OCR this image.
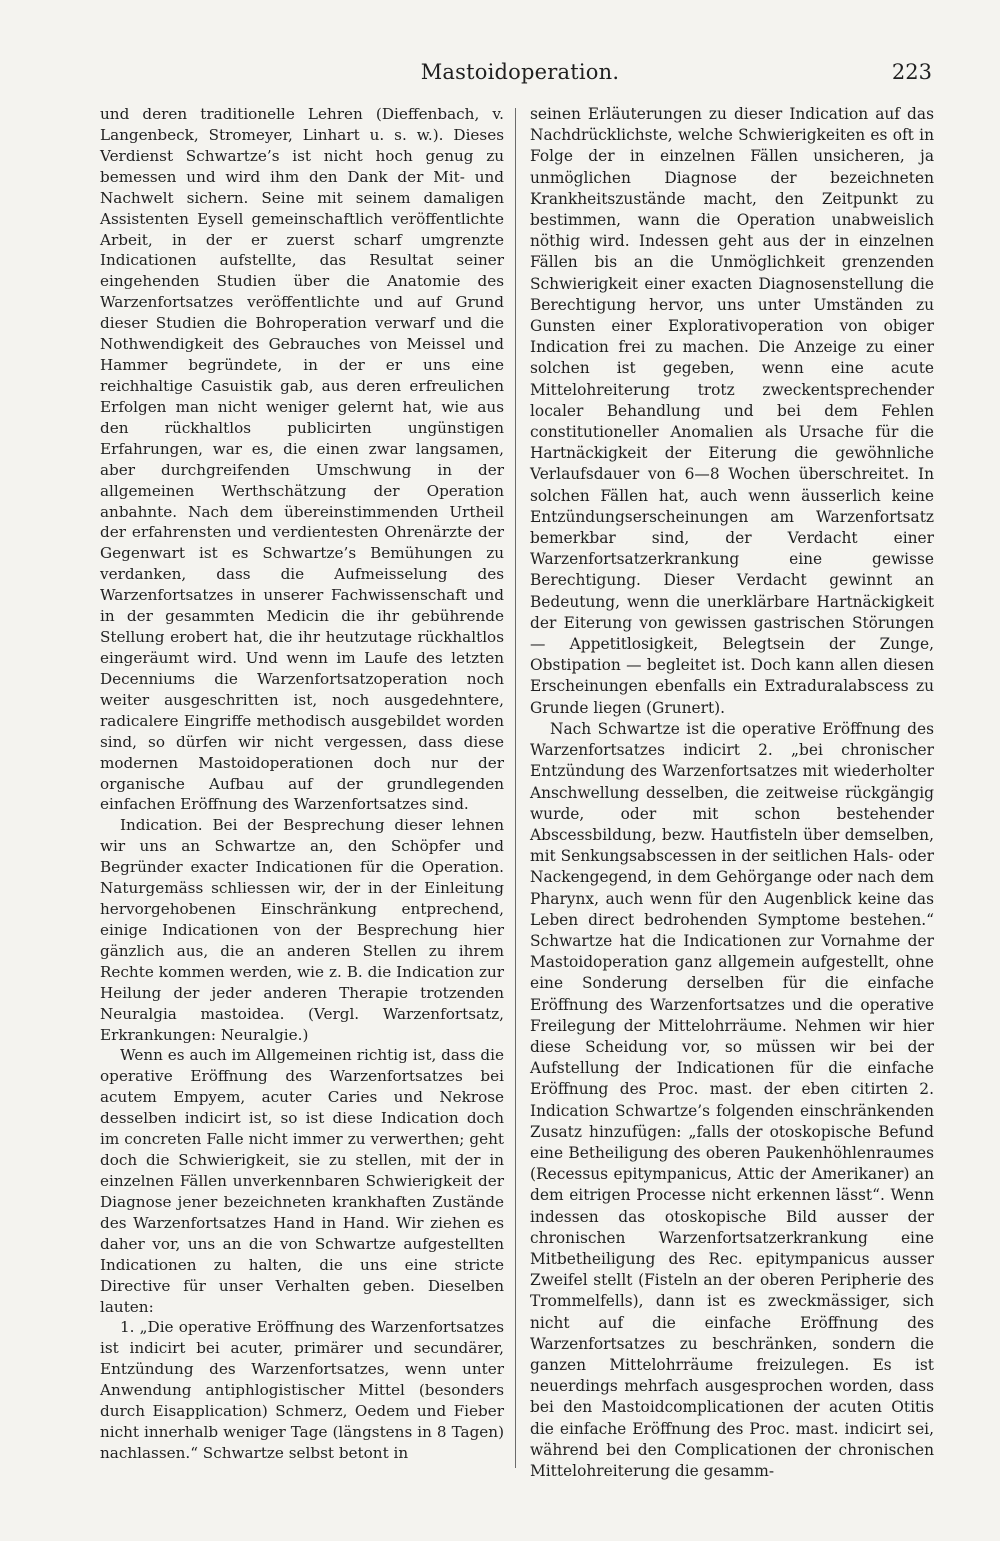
Mastoidoperation.	223

und deren traditionelle Lehren (Dieffenbach, v. Langenbeck, Stromeyer, Linhart u. s. w.). Dieses Verdienst Schwartze’s ist nicht hoch genug zu bemessen und wird ihm den Dank der Mit- und Nachwelt sichern. Seine mit seinem damaligen Assistenten Eysell gemeinschaftlich veröffentlichte Arbeit, in der er zuerst scharf umgrenzte Indicationen aufstellte, das Resultat seiner eingehenden Studien über die Anatomie des Warzenfortsatzes veröffentlichte und auf Grund dieser Studien die Bohroperation verwarf und die Nothwendigkeit des Gebrauches von Meissel und Hammer begründete, in der er uns eine reichhaltige Casuistik gab, aus deren erfreulichen Erfolgen man nicht weniger gelernt hat, wie aus den rückhaltlos publicirten ungünstigen Erfahrungen, war es, die einen zwar langsamen, aber durchgreifenden Umschwung in der allgemeinen Werthschätzung der Operation anbahnte. Nach dem übereinstimmenden Urtheil der erfahrensten und verdientesten Ohrenärzte der Gegenwart ist es Schwartze’s Bemühungen zu verdanken, dass die Aufmeisselung des Warzenfortsatzes in unserer Fachwissenschaft und in der gesammten Medicin die ihr gebührende Stellung erobert hat, die ihr heutzutage rückhaltlos eingeräumt wird. Und wenn im Laufe des letzten Decenniums die Warzenfortsatzoperation noch weiter ausgeschritten ist, noch ausgedehntere, radicalere Eingriffe methodisch ausgebildet worden sind, so dürfen wir nicht vergessen, dass diese modernen Mastoidoperationen doch nur der organische Aufbau auf der grundlegenden einfachen Eröffnung des Warzenfortsatzes sind.

Indication. Bei der Besprechung dieser lehnen wir uns an Schwartze an, den Schöpfer und Begründer exacter Indicationen für die Operation. Naturgemäss schliessen wir, der in der Einleitung hervorgehobenen Einschränkung entprechend, einige Indicationen von der Besprechung hier gänzlich aus, die an anderen Stellen zu ihrem Rechte kommen werden, wie z. B. die Indication zur Heilung der jeder anderen Therapie trotzenden Neuralgia mastoidea. (Vergl. Warzenfortsatz, Erkrankungen: Neuralgie.)

Wenn es auch im Allgemeinen richtig ist, dass die operative Eröffnung des Warzenfortsatzes bei acutem Empyem, acuter Caries und Nekrose desselben indicirt ist, so ist diese Indication doch im concreten Falle nicht immer zu verwerthen; geht doch die Schwierigkeit, sie zu stellen, mit der in einzelnen Fällen unverkennbaren Schwierigkeit der Diagnose jener bezeichneten krankhaften Zustände des Warzenfortsatzes Hand in Hand. Wir ziehen es daher vor, uns an die von Schwartze aufgestellten Indicationen zu halten, die uns eine stricte Directive für unser Verhalten geben. Dieselben lauten:

1. „Die operative Eröffnung des Warzenfortsatzes ist indicirt bei acuter, primärer und secundärer, Entzündung des Warzenfortsatzes, wenn unter Anwendung antiphlogistischer Mittel (besonders durch Eisapplication) Schmerz, Oedem und Fieber nicht innerhalb weniger Tage (längstens in 8 Tagen) nachlassen.“ Schwartze selbst betont in

seinen Erläuterungen zu dieser Indication auf das Nachdrücklichste, welche Schwierigkeiten es oft in Folge der in einzelnen Fällen unsicheren, ja unmöglichen Diagnose der bezeichneten Krankheitszustände macht, den Zeitpunkt zu bestimmen, wann die Operation unabweislich nöthig wird. Indessen geht aus der in einzelnen Fällen bis an die Unmöglichkeit grenzenden Schwierigkeit einer exacten Diagnosenstellung die Berechtigung hervor, uns unter Umständen zu Gunsten einer Explorativoperation von obiger Indication frei zu machen. Die Anzeige zu einer solchen ist gegeben, wenn eine acute Mittelohreiterung trotz zweckentsprechender localer Behandlung und bei dem Fehlen constitutioneller Anomalien als Ursache für die Hartnäckigkeit der Eiterung die gewöhnliche Verlaufsdauer von 6—8 Wochen überschreitet. In solchen Fällen hat, auch wenn äusserlich keine Entzündungserscheinungen am Warzenfortsatz bemerkbar sind, der Verdacht einer Warzenfortsatzerkrankung eine gewisse Berechtigung. Dieser Verdacht gewinnt an Bedeutung, wenn die unerklärbare Hartnäckigkeit der Eiterung von gewissen gastrischen Störungen — Appetitlosigkeit, Belegtsein der Zunge, Obstipation — begleitet ist. Doch kann allen diesen Erscheinungen ebenfalls ein Extraduralabscess zu Grunde liegen (Grunert).

Nach Schwartze ist die operative Eröffnung des Warzenfortsatzes indicirt 2. „bei chronischer Entzündung des Warzenfortsatzes mit wiederholter Anschwellung desselben, die zeitweise rückgängig wurde, oder mit schon bestehender Abscessbildung, bezw. Hautfisteln über demselben, mit Senkungsabscessen in der seitlichen Hals- oder Nackengegend, in dem Gehörgange oder nach dem Pharynx, auch wenn für den Augenblick keine das Leben direct bedrohenden Symptome bestehen.“ Schwartze hat die Indicationen zur Vornahme der Mastoidoperation ganz allgemein aufgestellt, ohne eine Sonderung derselben für die einfache Eröffnung des Warzenfortsatzes und die operative Freilegung der Mittelohrräume. Nehmen wir hier diese Scheidung vor, so müssen wir bei der Aufstellung der Indicationen für die einfache Eröffnung des Proc. mast. der eben citirten 2. Indication Schwartze’s folgenden einschränkenden Zusatz hinzufügen: „falls der otoskopische Befund eine Betheiligung des oberen Paukenhöhlenraumes (Recessus epitympanicus, Attic der Amerikaner) an dem eitrigen Processe nicht erkennen lässt“. Wenn indessen das otoskopische Bild ausser der chronischen Warzenfortsatzerkrankung eine Mitbetheiligung des Rec. epitympanicus ausser Zweifel stellt (Fisteln an der oberen Peripherie des Trommelfells), dann ist es zweckmässiger, sich nicht auf die einfache Eröffnung des Warzenfortsatzes zu beschränken, sondern die ganzen Mittelohrräume freizulegen. Es ist neuerdings mehrfach ausgesprochen worden, dass bei den Mastoidcomplicationen der acuten Otitis die einfache Eröffnung des Proc. mast. indicirt sei, während bei den Complicationen der chronischen Mittelohreiterung die gesamm-
